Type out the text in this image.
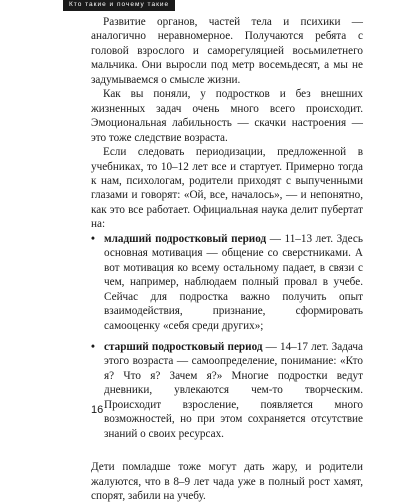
Кто такие и почему такие

Развитие органов, частей тела и психики — аналогично неравномерное. Получаются ребята с головой взрослого и саморегуляцией восьмилетнего мальчика. Они выросли под метр восемьдесят, а мы не задумываемся о смысле жизни.

Как вы поняли, у подростков и без внешних жизненных задач очень много всего происходит. Эмоциональная лабильность — скачки настроения — это тоже следствие возраста.

Если следовать периодизации, предложенной в учебниках, то 10–12 лет все и стартует. Примерно тогда к нам, психологам, родители приходят с выпученными глазами и говорят: «Ой, все, началось», — и непонятно, как это все работает. Официальная наука делит пубертат на:

• младший подростковый период — 11–13 лет. Здесь основная мотивация — общение со сверстниками. А вот мотивация ко всему остальному падает, в связи с чем, например, наблюдаем полный провал в учебе. Сейчас для подростка важно получить опыт взаимодействия, признание, сформировать самооценку «себя среди других»;

• старший подростковый период — 14–17 лет. Задача этого возраста — самоопределение, понимание: «Кто я? Что я? Зачем я?» Многие подростки ведут дневники, увлекаются чем-то творческим. Происходит взросление, появляется много возможностей, но при этом сохраняется отсутствие знаний о своих ресурсах.

Дети помладше тоже могут дать жару, и родители жалуются, что в 8–9 лет чада уже в полный рост хамят, спорят, забили на учебу.

16
